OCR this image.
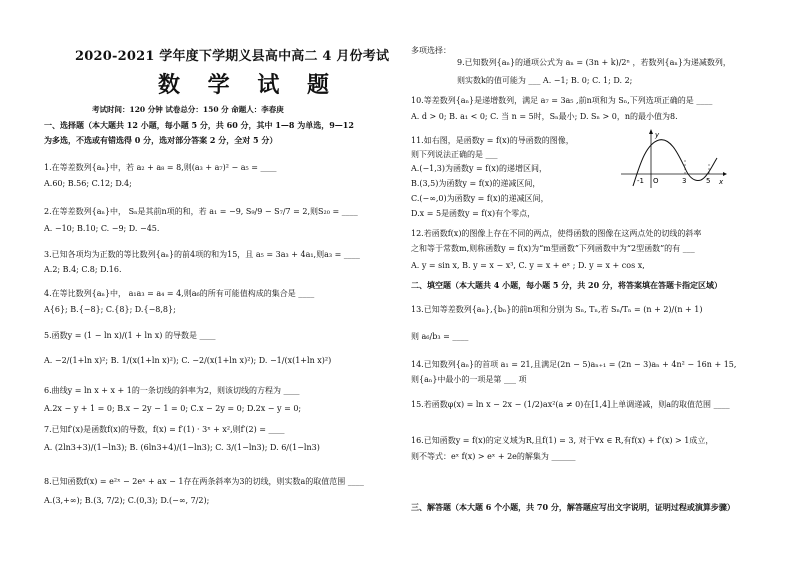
2020-2021 学年度下学期义县高中高二 4 月份考试
数 学 试 题
考试时间：120 分钟 试卷总分：150 分 命题人：李春庚
一、选择题（本大题共 12 小题，每小题 5 分，共 60 分，其中 1—8 为单选，9—12
为多选，不选或有错选得 0 分，选对部分答案 2 分，全对 5 分）
1.在等差数列{aₙ}中，若 a₂ + a₈ = 8,则(a₃ + a₇)² − a₅ = ____
A.60; B.56; C.12; D.4;
2.在等差数列{aₙ}中， Sₙ是其前n项的和，若 a₁ = −9, S₉/9 − S₇/7 = 2,则S₂₀ = ____
A. −10; B.10; C. −9; D. −45.
3.已知各项均为正数的等比数列{aₙ}的前4项的和为15，且 a₅ = 3a₃ + 4a₁,则a₃ = ____
A.2; B.4; C.8; D.16.
4.在等比数列{aₙ}中， a₁a₃ = a₄ = 4,则a₆的所有可能值构成的集合是 ____
A{6}; B.{−8}; C.{8}; D.{−8,8};
5.函数y = (1 − ln x)/(1 + ln x) 的导数是 ____
A. −2/(1+ln x)²; B. 1/(x(1+ln x)²); C. −2/(x(1+ln x)²); D. −1/(x(1+ln x)²)
6.曲线y = ln x + x + 1的一条切线的斜率为2，则该切线的方程为 ____
A.2x − y + 1 = 0; B.x − 2y − 1 = 0; C.x − 2y = 0; D.2x − y = 0;
7.已知f′(x)是函数f(x)的导数，f(x) = f′(1) · 3ˣ + x²,则f′(2) = ____
A. (2ln3+3)/(1−ln3); B. (6ln3+4)/(1−ln3); C. 3/(1−ln3); D. 6/(1−ln3)
8.已知函数f(x) = e²ˣ − 2eˣ + ax − 1存在两条斜率为3的切线，则实数a的取值范围 ____
A.(3,+∞); B.(3, 7/2); C.(0,3); D.(−∞, 7/2);
多项选择：
9.已知数列{aₙ}的通项公式为 aₙ = (3n + k)/2ⁿ ，若数列{aₙ}为递减数列，
则实数k的值可能为 ___ A. −1; B. 0; C. 1; D. 2;
10.等差数列{aₙ}是递增数列，满足 a₇ = 3a₅ ,前n项和为 Sₙ,下列选项正确的是 ____
A. d > 0; B. a₁ < 0; C. 当 n = 5时，Sₙ最小; D. Sₙ > 0，n的最小值为8.
11.如右图，是函数y = f(x)的导函数的图像，
则下列说法正确的是 ___
A.(−1,3)为函数y = f(x)的递增区间，
B.(3,5)为函数y = f(x)的递减区间，
C.(−∞,0)为函数y = f(x)的递减区间，
D.x = 5是函数y = f(x)有个零点，
y
x
O
-1	3	5
12.若函数f(x)的图像上存在不同的两点，使得函数的图像在这两点处的切线的斜率
之和等于常数m,则称函数y = f(x)为“m型函数”下列函数中为“2型函数”的有 ___
A. y = sin x, B. y = x − x³, C. y = x + eˣ ; D. y = x + cos x,
二、填空题（本大题共 4 小题，每小题 5 分，共 20 分，将答案填在答题卡指定区域）
13.已知等差数列{aₙ},{bₙ}的前n项和分别为 Sₙ, Tₙ,若 Sₙ/Tₙ = (n + 2)/(n + 1)
则 a₆/b₃ = ____
14.已知数列{aₙ}的首项 a₁ = 21,且满足(2n − 5)aₙ₊₁ = (2n − 3)aₙ + 4n² − 16n + 15,
则{aₙ}中最小的一项是第 ___ 项
15.若函数φ(x) = ln x − 2x − (1/2)ax²(a ≠ 0)在[1,4]上单调递减，则a的取值范围 ____
16.已知函数y = f(x)的定义域为R,且f(1) = 3, 对于∀x ∈ R,有f(x) + f′(x) > 1成立，
则不等式：eˣ f(x) > eˣ + 2e的解集为 ______
三、解答题（本大题 6 个小题，共 70 分，解答题应写出文字说明，证明过程或演算步骤）
